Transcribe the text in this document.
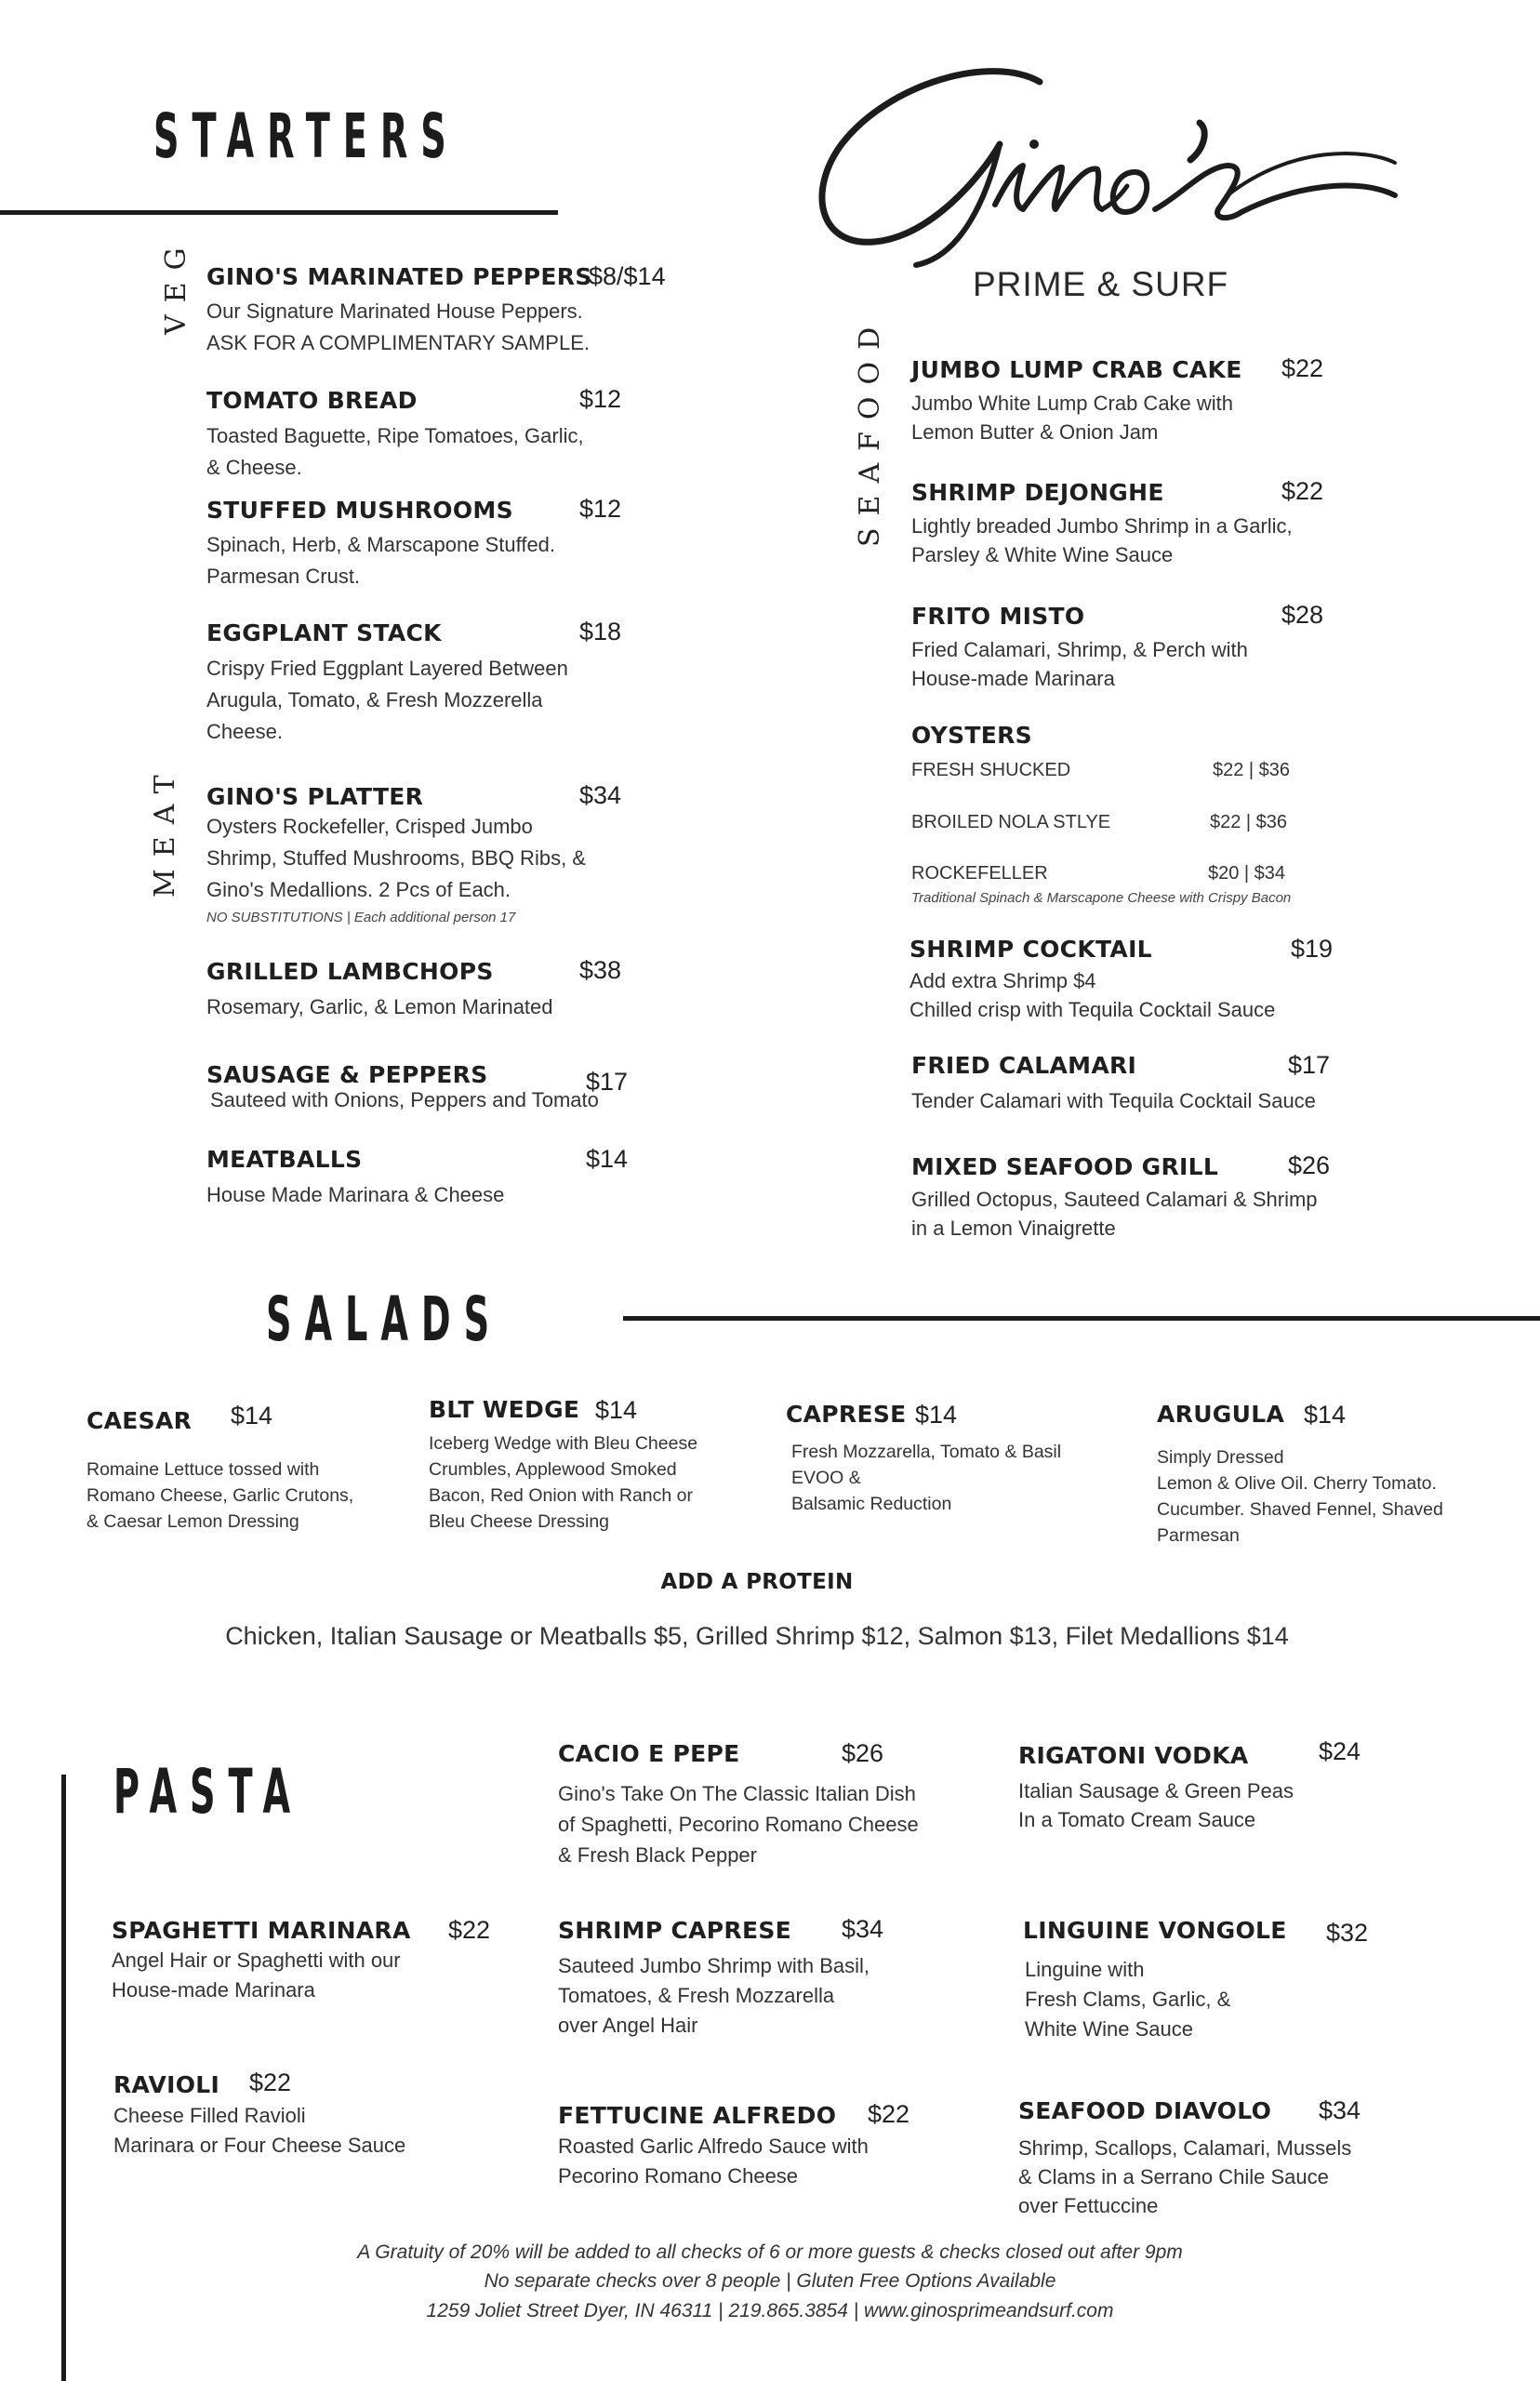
PRIME & SURF
STARTERS
VEG
MEAT
GINO'S MARINATED PEPPERS
$8/$14
Our Signature Marinated House Peppers.
ASK FOR A COMPLIMENTARY SAMPLE.
TOMATO BREAD	$12
Toasted Baguette, Ripe Tomatoes, Garlic,
& Cheese.
STUFFED MUSHROOMS	$12
Spinach, Herb, & Marscapone Stuffed.
Parmesan Crust.
EGGPLANT STACK	$18
Crispy Fried Eggplant Layered Between
Arugula, Tomato, & Fresh Mozzerella
Cheese.
GINO'S PLATTER	$34
Oysters Rockefeller, Crisped Jumbo
Shrimp, Stuffed Mushrooms, BBQ Ribs, &
Gino's Medallions. 2 Pcs of Each.
NO SUBSTITUTIONS | Each additional person 17
GRILLED LAMBCHOPS	$38
Rosemary, Garlic, & Lemon Marinated
SAUSAGE & PEPPERS	$17
Sauteed with Onions, Peppers and Tomato
MEATBALLS	$14
House Made Marinara & Cheese
SEAFOOD JUMBO LUMP CRAB CAKE $22
Jumbo White Lump Crab Cake with
Lemon Butter & Onion Jam
SHRIMP DEJONGHE	$22
Lightly breaded Jumbo Shrimp in a Garlic,
Parsley & White Wine Sauce
FRITO MISTO	$28
Fried Calamari, Shrimp, & Perch with
House-made Marinara
OYSTERS
FRESH SHUCKED	$22 | $36
BROILED NOLA STLYE	$22 | $36
ROCKEFELLER	$20 | $34
Traditional Spinach & Marscapone Cheese with Crispy Bacon
SHRIMP COCKTAIL	$19
Add extra Shrimp $4
Chilled crisp with Tequila Cocktail Sauce
FRIED CALAMARI	$17
Tender Calamari with Tequila Cocktail Sauce
MIXED SEAFOOD GRILL	$26
Grilled Octopus, Sauteed Calamari & Shrimp
in a Lemon Vinaigrette
SALADS
CAESAR $14
Romaine Lettuce tossed with
Romano Cheese, Garlic Crutons,
& Caesar Lemon Dressing
BLT WEDGE $14
Iceberg Wedge with Bleu Cheese
Crumbles, Applewood Smoked
Bacon, Red Onion with Ranch or
Bleu Cheese Dressing
CAPRESE $14
Fresh Mozzarella, Tomato & Basil
EVOO &
Balsamic Reduction
ARUGULA $14
Simply Dressed
Lemon & Olive Oil. Cherry Tomato.
Cucumber. Shaved Fennel, Shaved
Parmesan
ADD A PROTEIN
Chicken, Italian Sausage or Meatballs $5, Grilled Shrimp $12, Salmon $13, Filet Medallions $14
PASTA
CACIO E PEPE	$26
Gino's Take On The Classic Italian Dish
of Spaghetti, Pecorino Romano Cheese
& Fresh Black Pepper
RIGATONI VODKA	$24
Italian Sausage & Green Peas
In a Tomato Cream Sauce
SPAGHETTI MARINARA $22
Angel Hair or Spaghetti with our
House-made Marinara
SHRIMP CAPRESE $34
Sauteed Jumbo Shrimp with Basil,
Tomatoes, & Fresh Mozzarella
over Angel Hair
LINGUINE VONGOLE $32
Linguine with
Fresh Clams, Garlic, &
White Wine Sauce
RAVIOLI $22
Cheese Filled Ravioli
Marinara or Four Cheese Sauce
FETTUCINE ALFREDO $22
Roasted Garlic Alfredo Sauce with
Pecorino Romano Cheese
SEAFOOD DIAVOLO $34
Shrimp, Scallops, Calamari, Mussels
& Clams in a Serrano Chile Sauce
over Fettuccine
A Gratuity of 20% will be added to all checks of 6 or more guests & checks closed out after 9pm
No separate checks over 8 people | Gluten Free Options Available
1259 Joliet Street Dyer, IN 46311 | 219.865.3854 | www.ginosprimeandsurf.com
